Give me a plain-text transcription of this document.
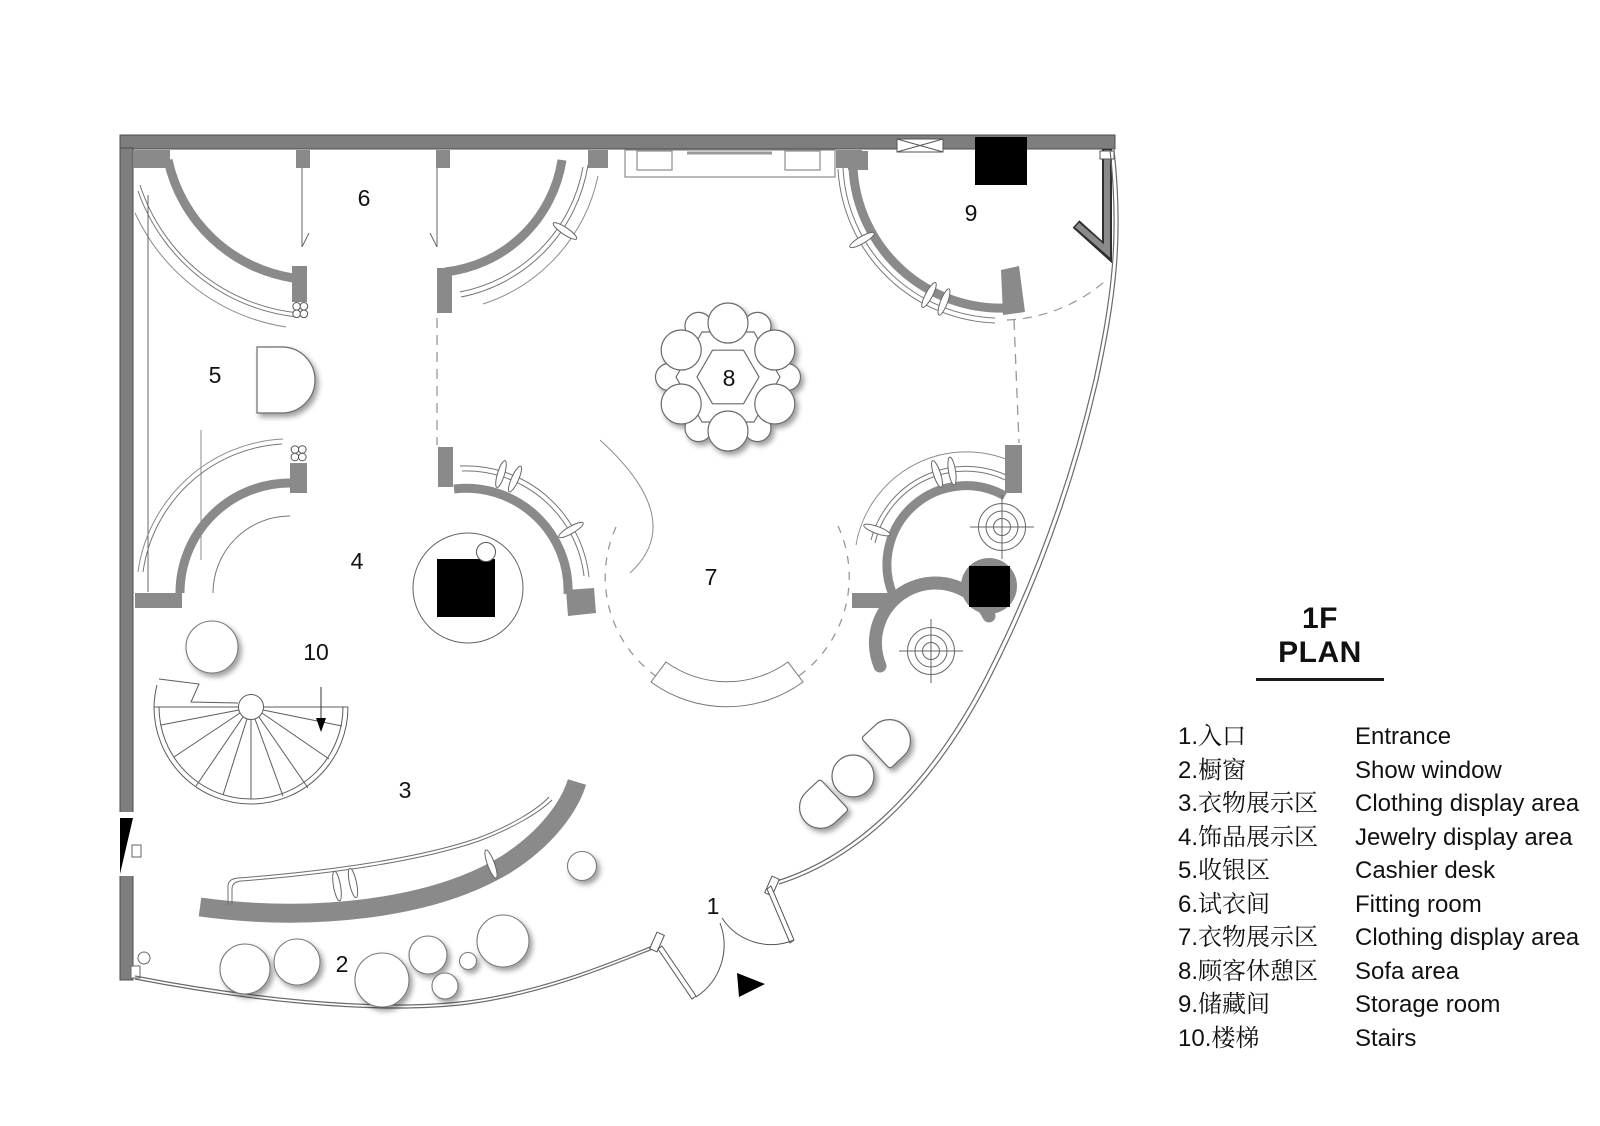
1
2
3
4
5
6
7
8
9
10
1F PLAN
1.入口	Entrance
2.橱窗	Show window
3.衣物展示区	Clothing display area
4.饰品展示区	Jewelry display area
5.收银区	Cashier desk
6.试衣间	Fitting room
7.衣物展示区	Clothing display area
8.顾客休憩区	Sofa area
9.储藏间	Storage room
10.楼梯	Stairs
